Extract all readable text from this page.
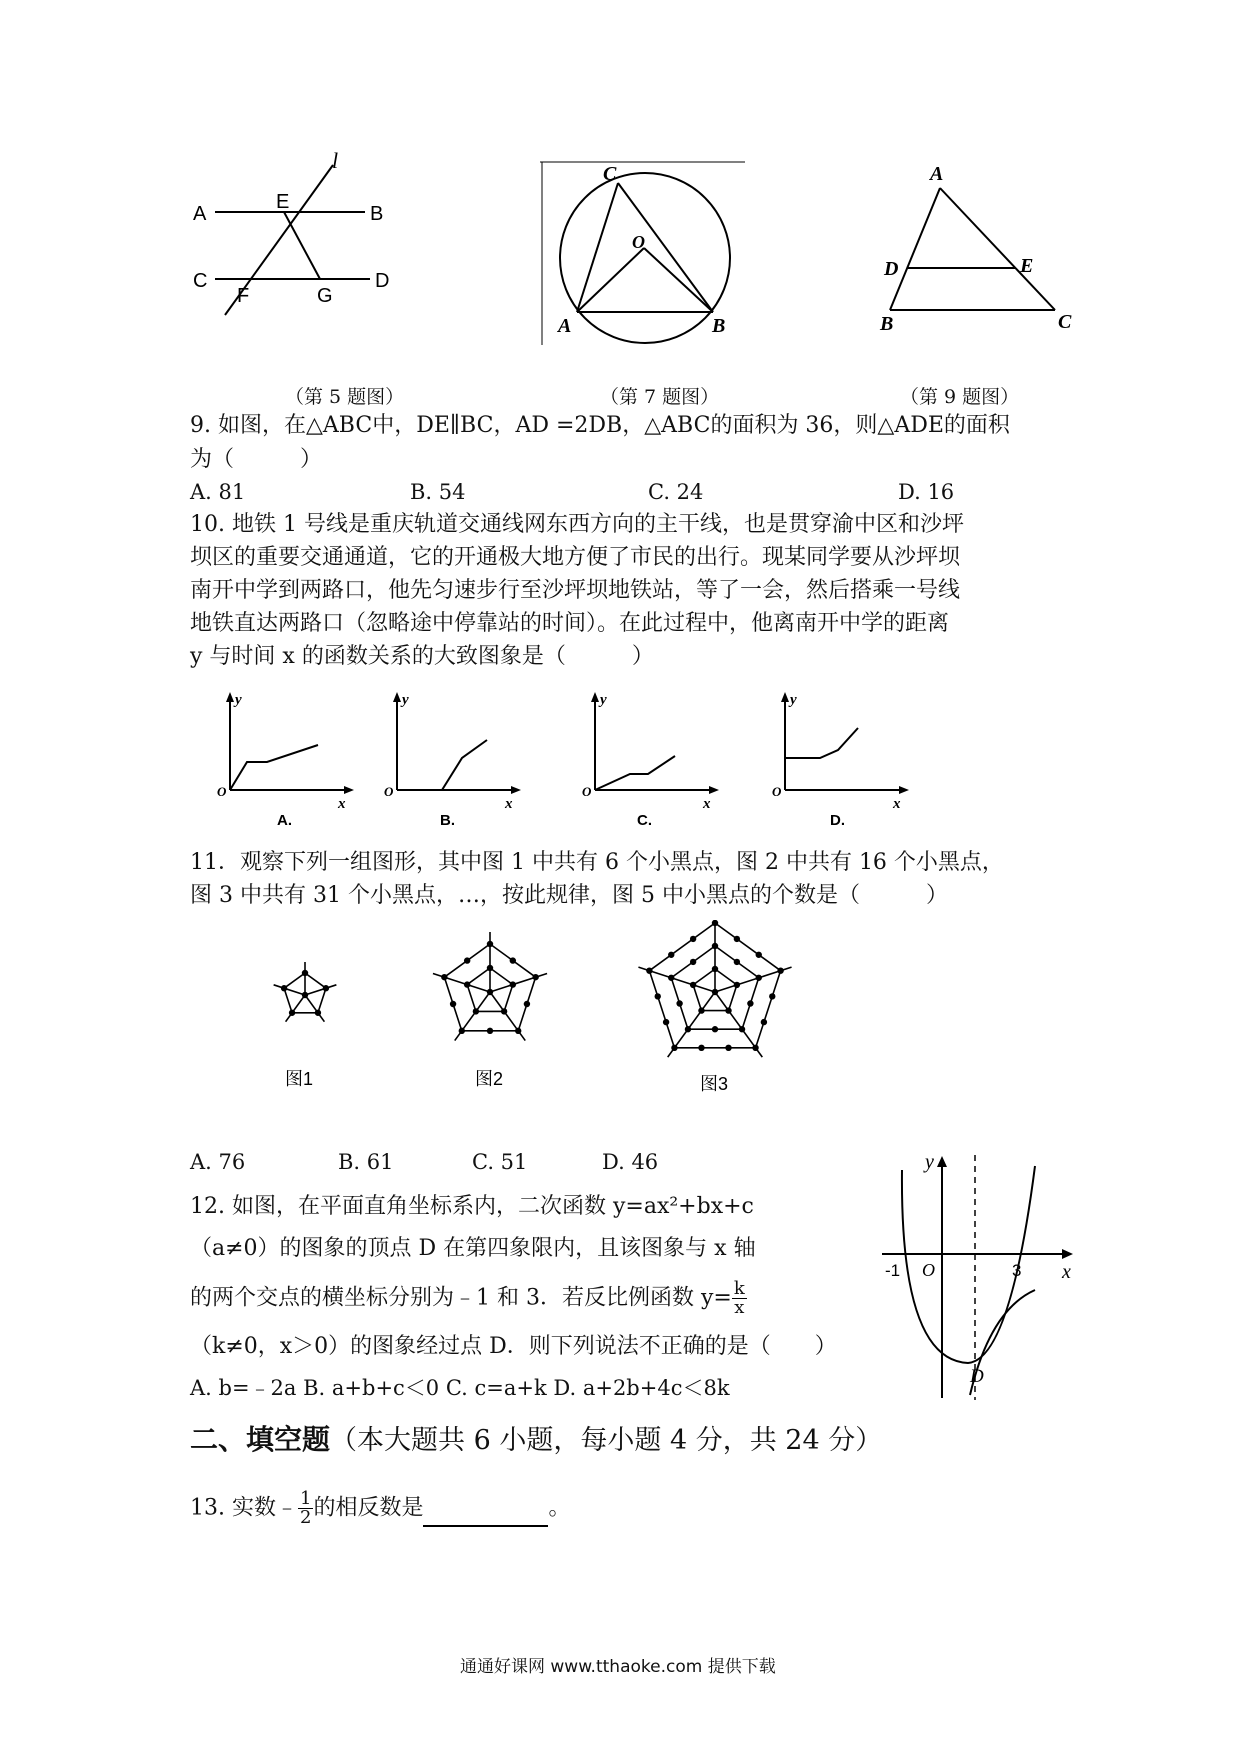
l
A	B
E
C	D
F	G
C
O
A	B
A
D	E
B	C
（第 5 题图）	（第 7 题图）	（第 9 题图）
9. 如图，在△ABC中，DE∥BC，AD =2DB，△ABC的面积为 36，则△ADE的面积
为（　　　）
A. 81	B. 54	C. 24	D. 16
10. 地铁 1 号线是重庆轨道交通线网东西方向的主干线，也是贯穿渝中区和沙坪
坝区的重要交通通道，它的开通极大地方便了市民的出行。现某同学要从沙坪坝
南开中学到两路口，他先匀速步行至沙坪坝地铁站，等了一会，然后搭乘一号线
地铁直达两路口（忽略途中停靠站的时间）。在此过程中，他离南开中学的距离
y 与时间 x 的函数关系的大致图象是（　　　）
y
O
x
A.
y
O
x
B.
y
O
x
C.
y
O
x
D.
11．观察下列一组图形，其中图 1 中共有 6 个小黑点，图 2 中共有 16 个小黑点，
图 3 中共有 31 个小黑点，…，按此规律，图 5 中小黑点的个数是（　　　）
图1	图2	图3
A. 76	B. 61	C. 51	D. 46
12. 如图，在平面直角坐标系内，二次函数 y=ax²+bx+c
（a≠0）的图象的顶点 D 在第四象限内，且该图象与 x 轴
的两个交点的横坐标分别为﹣1 和 3．若反比例函数 $y= \frac{k}{x}$
（k≠0，x＞0）的图象经过点 D．则下列说法不正确的是（　　）
A. b=﹣2a B. a+b+c＜0 C. c=a+k D. a+2b+4c＜8k
y
x
O
-1	3
D
二、填空题（本大题共 6 小题，每小题 4 分，共 24 分）
13. 实数﹣ $\frac{1}{2}$ 的相反数是	。
通通好课网 www.tthaoke.com 提供下载
